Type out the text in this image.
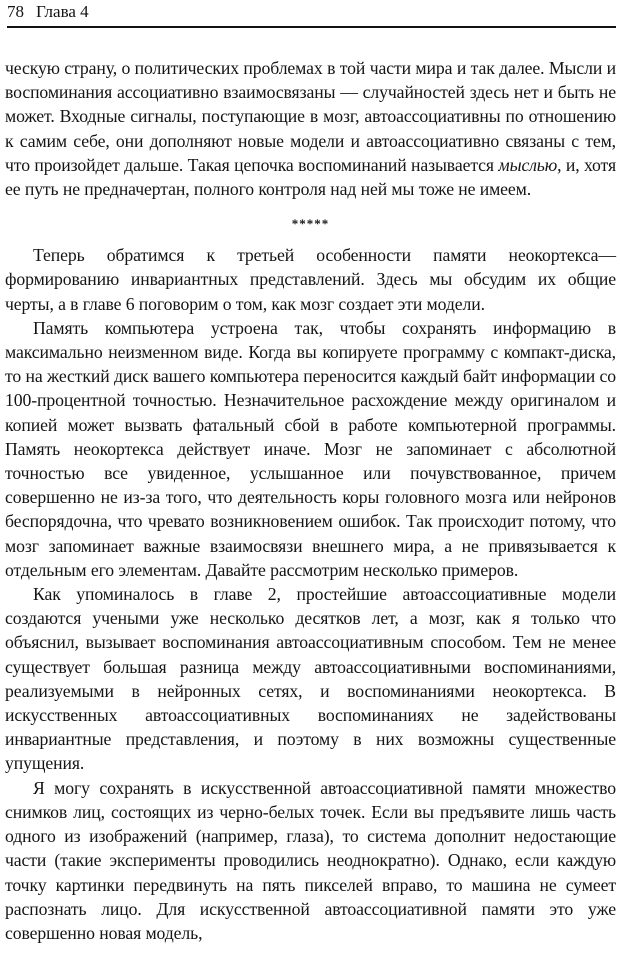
78 Глава 4

ческую страну, о политических проблемах в той части мира и так далее. Мысли и воспоминания ассоциативно взаимосвязаны — случайностей здесь нет и быть не может. Входные сигналы, поступающие в мозг, автоассоциативны по отношению к самим себе, они дополняют новые модели и автоассоциативно связаны с тем, что произойдет дальше. Такая цепочка воспоминаний называется мыслью, и, хотя ее путь не предначертан, полного контроля над ней мы тоже не имеем.

*****

Теперь обратимся к третьей особенности памяти неокортекса— формированию инвариантных представлений. Здесь мы обсудим их общие черты, а в главе 6 поговорим о том, как мозг создает эти модели.

Память компьютера устроена так, чтобы сохранять информацию в максимально неизменном виде. Когда вы копируете программу с компакт-диска, то на жесткий диск вашего компьютера переносится каждый байт информации со 100-процентной точностью. Незначительное расхождение между оригиналом и копией может вызвать фатальный сбой в работе компьютерной программы. Память неокортекса действует иначе. Мозг не запоминает с абсолютной точностью все увиденное, услышанное или почувствованное, причем совершенно не из-за того, что деятельность коры головного мозга или нейронов беспорядочна, что чревато возникновением ошибок. Так происходит потому, что мозг запоминает важные взаимосвязи внешнего мира, а не привязывается к отдельным его элементам. Давайте рассмотрим несколько примеров.

Как упоминалось в главе 2, простейшие автоассоциативные модели создаются учеными уже несколько десятков лет, а мозг, как я только что объяснил, вызывает воспоминания автоассоциативным способом. Тем не менее существует большая разница между автоассоциативными воспоминаниями, реализуемыми в нейронных сетях, и воспоминаниями неокортекса. В искусственных автоассоциативных воспоминаниях не задействованы инвариантные представления, и поэтому в них возможны существенные упущения.

Я могу сохранять в искусственной автоассоциативной памяти множество снимков лиц, состоящих из черно-белых точек. Если вы предъявите лишь часть одного из изображений (например, глаза), то система дополнит недостающие части (такие эксперименты проводились неоднократно). Однако, если каждую точку картинки передвинуть на пять пикселей вправо, то машина не сумеет распознать лицо. Для искусственной автоассоциативной памяти это уже совершенно новая модель,
